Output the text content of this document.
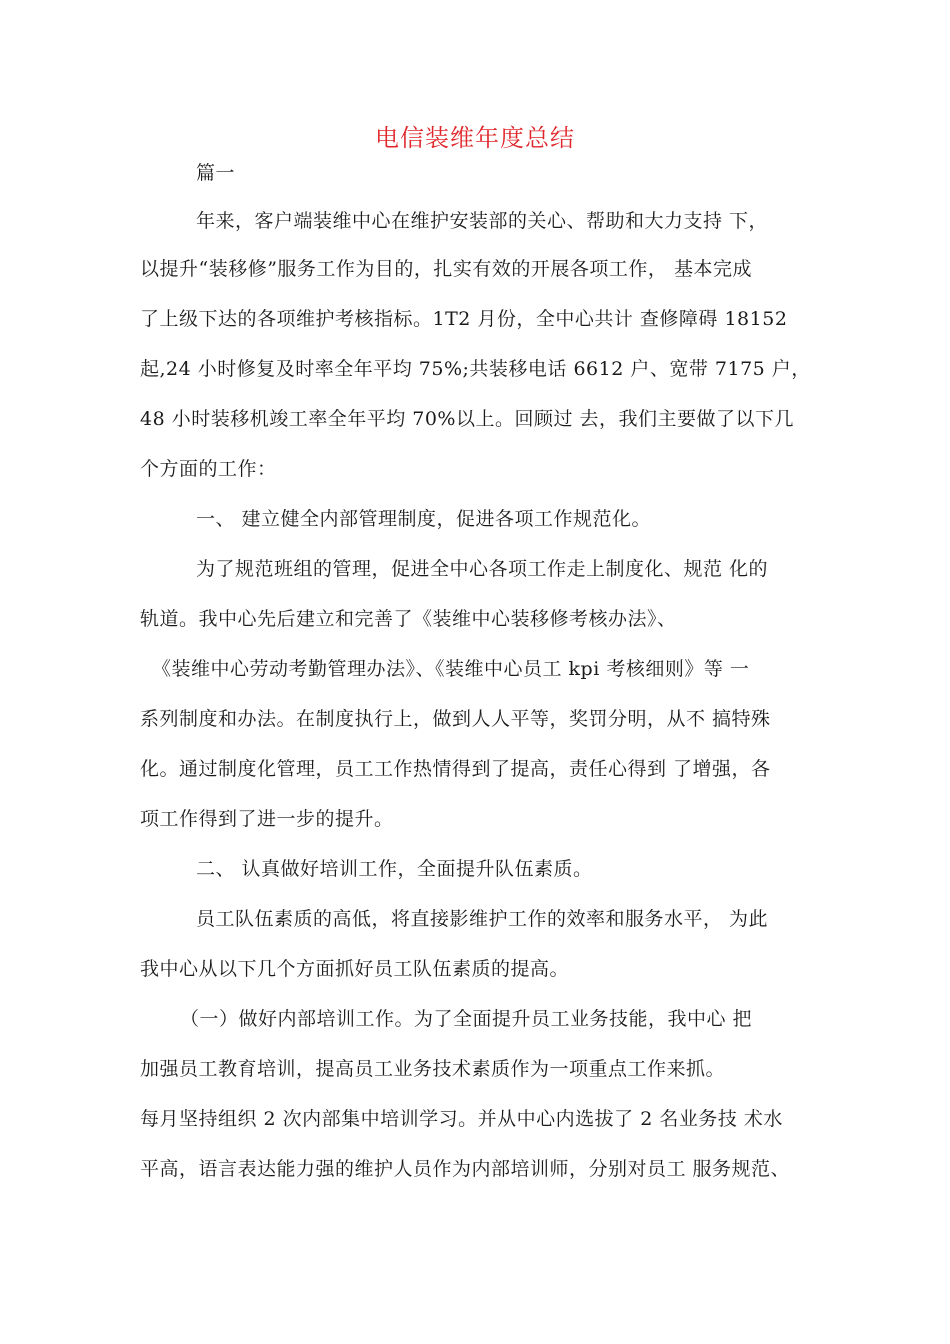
电信装维年度总结
篇一
年来，客户端装维中心在维护安装部的关心、帮助和大力支持 下，
以提升“装移修”服务工作为目的，扎实有效的开展各项工作， 基本完成
了上级下达的各项维护考核指标。1T2 月份，全中心共计 查修障碍 18152
起,24 小时修复及时率全年平均 75%;共装移电话 6612 户、宽带 7175 户，
48 小时装移机竣工率全年平均 70%以上。回顾过 去，我们主要做了以下几
个方面的工作：
一、 建立健全内部管理制度，促进各项工作规范化。
为了规范班组的管理，促进全中心各项工作走上制度化、规范 化的
轨道。我中心先后建立和完善了《装维中心装移修考核办法》、
《装维中心劳动考勤管理办法》、《装维中心员工 kpi 考核细则》等 一
系列制度和办法。在制度执行上，做到人人平等，奖罚分明，从不 搞特殊
化。通过制度化管理，员工工作热情得到了提高，责任心得到 了增强，各
项工作得到了进一步的提升。
二、 认真做好培训工作，全面提升队伍素质。
员工队伍素质的高低，将直接影维护工作的效率和服务水平， 为此
我中心从以下几个方面抓好员工队伍素质的提高。
（一）做好内部培训工作。为了全面提升员工业务技能，我中心 把
加强员工教育培训，提高员工业务技术素质作为一项重点工作来抓。
每月坚持组织 2 次内部集中培训学习。并从中心内选拔了 2 名业务技 术水
平高，语言表达能力强的维护人员作为内部培训师，分别对员工 服务规范、
